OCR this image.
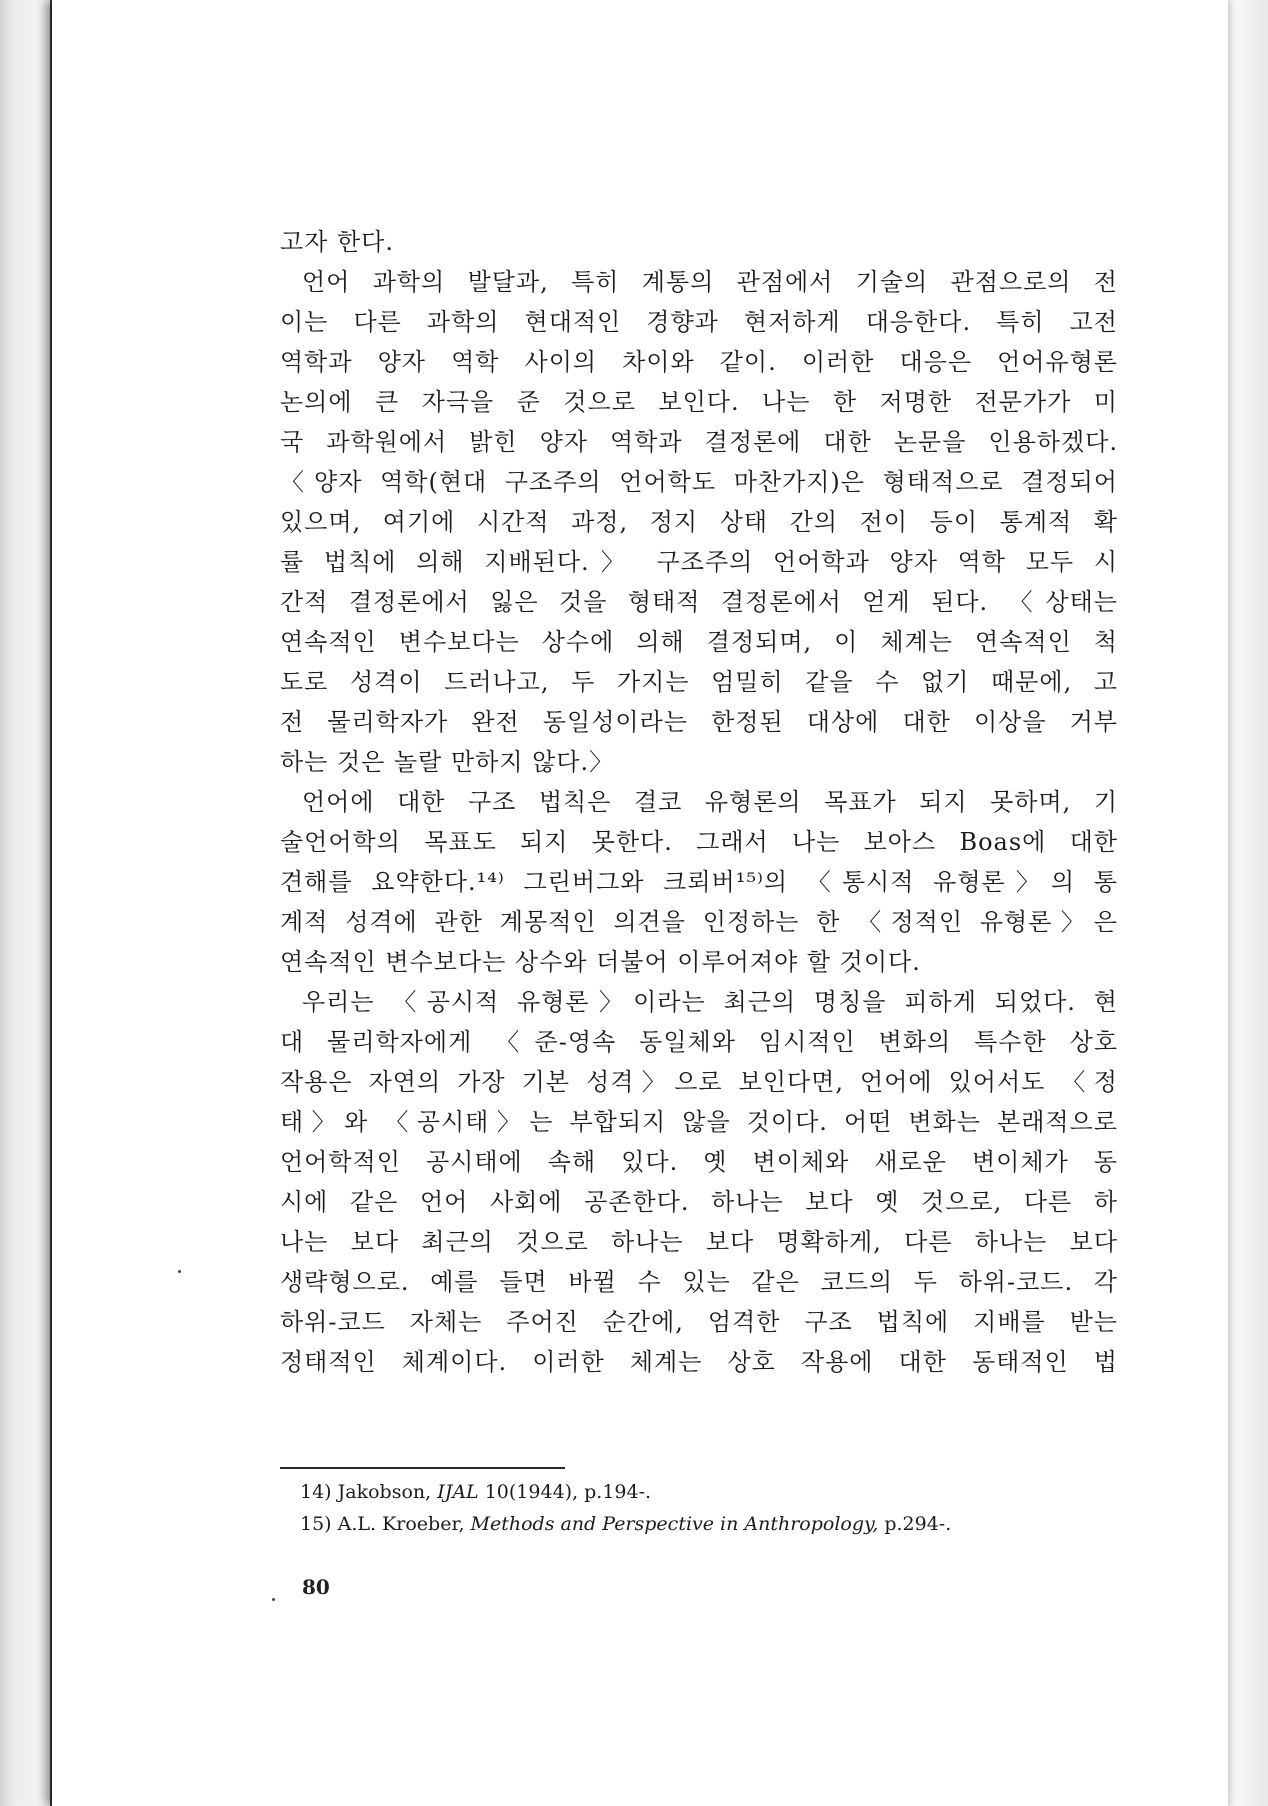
고자 한다.
언어 과학의 발달과, 특히 계통의 관점에서 기술의 관점으로의 전
이는 다른 과학의 현대적인 경향과 현저하게 대응한다. 특히 고전
역학과 양자 역학 사이의 차이와 같이. 이러한 대응은 언어유형론
논의에 큰 자극을 준 것으로 보인다. 나는 한 저명한 전문가가 미
국 과학원에서 밝힌 양자 역학과 결정론에 대한 논문을 인용하겠다.
〈양자 역학(현대 구조주의 언어학도 마찬가지)은 형태적으로 결정되어
있으며, 여기에 시간적 과정, 정지 상태 간의 전이 등이 통계적 확
률 법칙에 의해 지배된다.〉 구조주의 언어학과 양자 역학 모두 시
간적 결정론에서 잃은 것을 형태적 결정론에서 얻게 된다. 〈상태는
연속적인 변수보다는 상수에 의해 결정되며, 이 체계는 연속적인 척
도로 성격이 드러나고, 두 가지는 엄밀히 같을 수 없기 때문에, 고
전 물리학자가 완전 동일성이라는 한정된 대상에 대한 이상을 거부
하는 것은 놀랄 만하지 않다.〉
언어에 대한 구조 법칙은 결코 유형론의 목표가 되지 못하며, 기
술언어학의 목표도 되지 못한다. 그래서 나는 보아스 Boas에 대한
견해를 요약한다.¹⁴⁾ 그린버그와 크뢰버¹⁵⁾의 〈통시적 유형론〉의 통
계적 성격에 관한 계몽적인 의견을 인정하는 한 〈정적인 유형론〉은
연속적인 변수보다는 상수와 더불어 이루어져야 할 것이다.
우리는 〈공시적 유형론〉이라는 최근의 명칭을 피하게 되었다. 현
대 물리학자에게 〈준-영속 동일체와 임시적인 변화의 특수한 상호
작용은 자연의 가장 기본 성격〉으로 보인다면, 언어에 있어서도 〈정
태〉와 〈공시태〉는 부합되지 않을 것이다. 어떤 변화는 본래적으로
언어학적인 공시태에 속해 있다. 옛 변이체와 새로운 변이체가 동
시에 같은 언어 사회에 공존한다. 하나는 보다 옛 것으로, 다른 하
나는 보다 최근의 것으로 하나는 보다 명확하게, 다른 하나는 보다
생략형으로. 예를 들면 바뀔 수 있는 같은 코드의 두 하위-코드. 각
하위-코드 자체는 주어진 순간에, 엄격한 구조 법칙에 지배를 받는
정태적인 체계이다. 이러한 체계는 상호 작용에 대한 동태적인 법
14) Jakobson, IJAL 10(1944), p.194-.
15) A.L. Kroeber, Methods and Perspective in Anthropology, p.294-.
80
